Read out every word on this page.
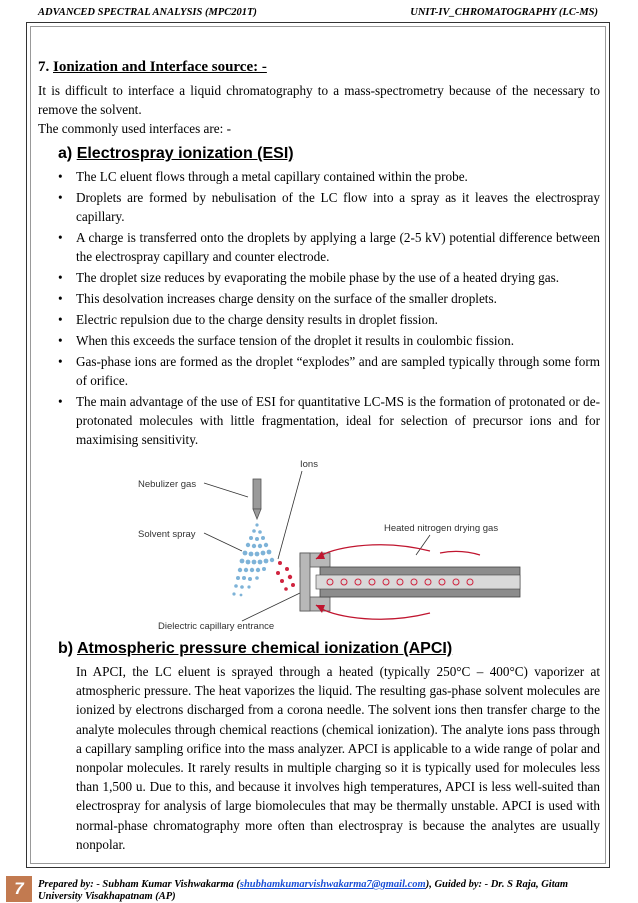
ADVANCED SPECTRAL ANALYSIS (MPC201T)	UNIT-IV_CHROMATOGRAPHY (LC-MS)
7. Ionization and Interface source: -

It is difficult to interface a liquid chromatography to a mass-spectrometry because of the necessary to remove the solvent.

The commonly used interfaces are: -

a) Electrospray ionization (ESI)
• The LC eluent flows through a metal capillary contained within the probe.
• Droplets are formed by nebulisation of the LC flow into a spray as it leaves the electrospray capillary.
• A charge is transferred onto the droplets by applying a large (2-5 kV) potential difference between the electrospray capillary and counter electrode.
• The droplet size reduces by evaporating the mobile phase by the use of a heated drying gas.
• This desolvation increases charge density on the surface of the smaller droplets.
• Electric repulsion due to the charge density results in droplet fission.
• When this exceeds the surface tension of the droplet it results in coulombic fission.
• Gas-phase ions are formed as the droplet “explodes” and are sampled typically through some form of orifice.
• The main advantage of the use of ESI for quantitative LC-MS is the formation of protonated or de-protonated molecules with little fragmentation, ideal for selection of precursor ions and for maximising sensitivity.
Ions
Nebulizer gas
Solvent spray
Heated nitrogen drying gas
Dielectric capillary entrance
b) Atmospheric pressure chemical ionization (APCI)

In APCI, the LC eluent is sprayed through a heated (typically 250°C – 400°C) vaporizer at atmospheric pressure. The heat vaporizes the liquid. The resulting gas-phase solvent molecules are ionized by electrons discharged from a corona needle. The solvent ions then transfer charge to the analyte molecules through chemical reactions (chemical ionization). The analyte ions pass through a capillary sampling orifice into the mass analyzer. APCI is applicable to a wide range of polar and nonpolar molecules. It rarely results in multiple charging so it is typically used for molecules less than 1,500 u. Due to this, and because it involves high temperatures, APCI is less well-suited than electrospray for analysis of large biomolecules that may be thermally unstable. APCI is used with normal-phase chromatography more often than electrospray is because the analytes are usually nonpolar.

7	Prepared by: - Subham Kumar Vishwakarma (shubhamkumarvishwakarma7@gmail.com), Guided by: - Dr. S Raja, Gitam University Visakhapatnam (AP)
